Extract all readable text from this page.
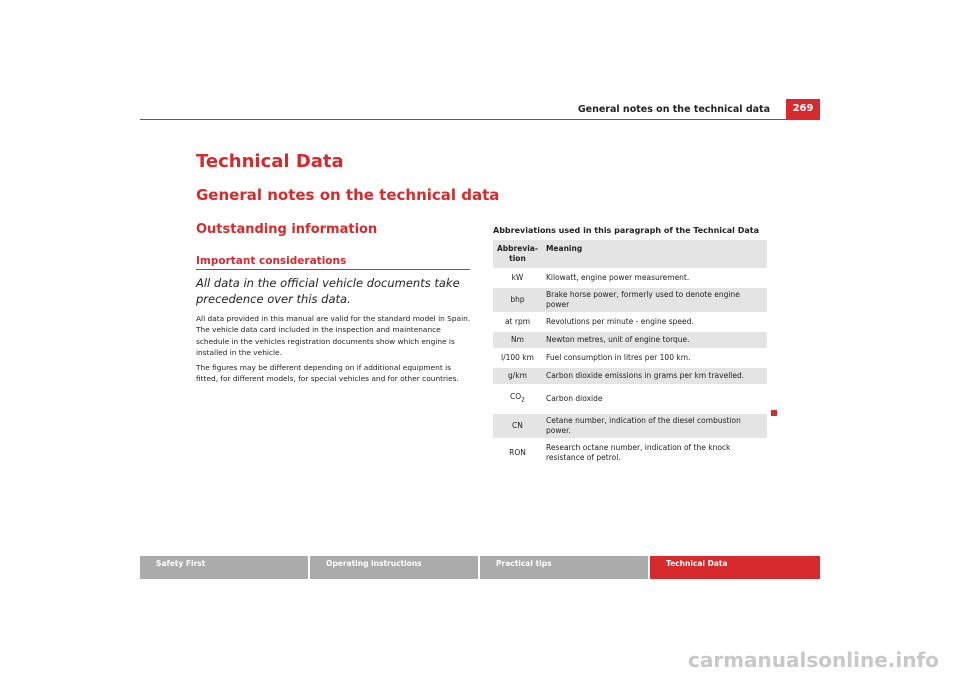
General notes on the technical data	269
Technical Data
General notes on the technical data
Outstanding information
Important considerations
All data in the official vehicle documents take precedence over this data.

All data provided in this manual are valid for the standard model in Spain. The vehicle data card included in the inspection and maintenance schedule in the vehicles registration documents show which engine is installed in the vehicle.

The figures may be different depending on if additional equipment is fitted, for different models, for special vehicles and for other countries.

Abbreviations used in this paragraph of the Technical Data
Abbrevia-tion	Meaning
kW	Kilowatt, engine power measurement.
bhp	Brake horse power, formerly used to denote engine power
at rpm	Revolutions per minute - engine speed.
Nm	Newton metres, unit of engine torque.
l/100 km	Fuel consumption in litres per 100 km.
g/km	Carbon dioxide emissions in grams per km travelled.
$CO_2$	Carbon dioxide
CN	Cetane number, indication of the diesel combustion power.
RON	Research octane number, indication of the knock resistance of petrol.
Safety First	Operating instructions	Practical tips	Technical Data
carmanualsonline.info
